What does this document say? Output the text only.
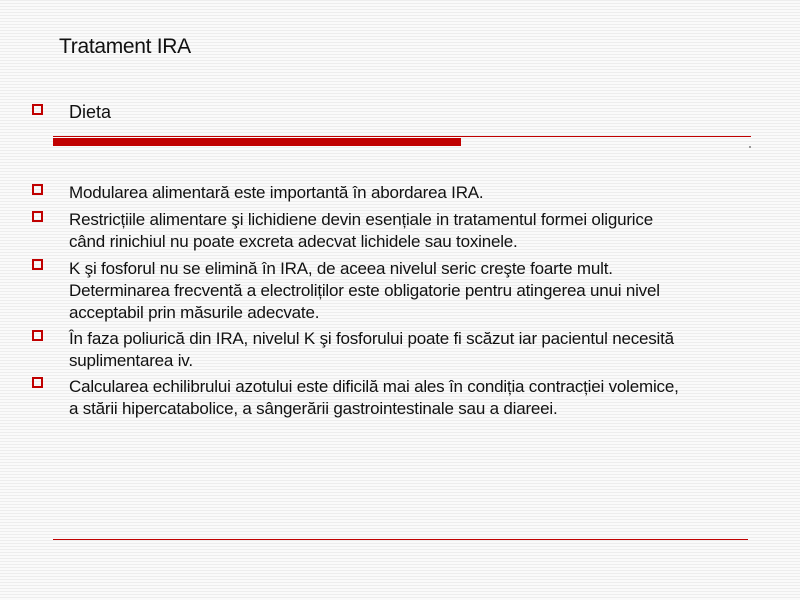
Tratament IRA
Dieta
Modularea alimentară este importantă în abordarea IRA.
Restricțiile alimentare şi lichidiene devin esențiale in tratamentul formei oligurice
când rinichiul nu poate excreta adecvat lichidele sau toxinele.
K şi fosforul nu se elimină în IRA, de aceea nivelul seric creşte foarte mult.
Determinarea frecventă a electroliților este obligatorie pentru atingerea unui nivel
acceptabil prin măsurile adecvate.
În faza poliurică din IRA, nivelul K şi fosforului poate fi scăzut iar pacientul necesită
suplimentarea iv.
Calcularea echilibrului azotului este dificilă mai ales în condiția contracției volemice,
a stării hipercatabolice, a sângerării gastrointestinale sau a diareei.
